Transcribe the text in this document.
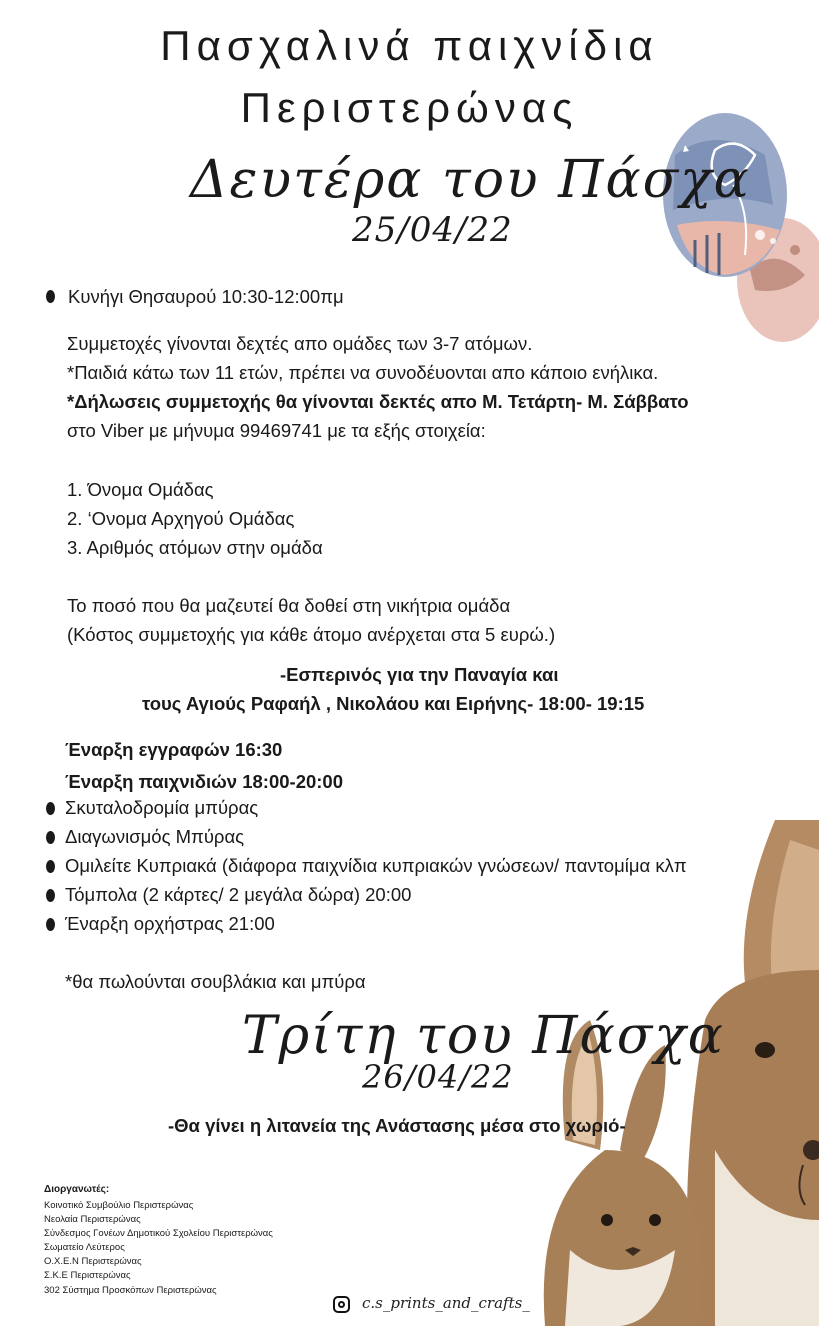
Πασχαλινά παιχνίδια
Περιστερώνας
Δευτέρα του Πάσχα
25/04/22
Κυνήγι Θησαυρού 10:30-12:00πμ
Συμμετοχές γίνονται δεχτές απο ομάδες των 3-7 ατόμων.
*Παιδιά κάτω των 11 ετών, πρέπει να συνοδέυονται απο κάποιο ενήλικα.
*Δήλωσεις συμμετοχής θα γίνονται δεκτές απο Μ. Τετάρτη- Μ. Σάββατο
στο Viber με μήνυμα 99469741 με τα εξής στοιχεία:
1. Όνομα Ομάδας
2. ‘Ονομα Αρχηγού Ομάδας
3. Αριθμός ατόμων στην ομάδα
Το ποσό που θα μαζευτεί θα δοθεί στη νικήτρια ομάδα
(Κόστος συμμετοχής για κάθε άτομο ανέρχεται στα 5 ευρώ.)
-Εσπερινός για την Παναγία και
τους Αγιούς Ραφαήλ , Νικολάου και Ειρήνης- 18:00- 19:15
Έναρξη εγγραφών 16:30
Έναρξη παιχνιδιών 18:00-20:00
Σκυταλοδρομία μπύρας
Διαγωνισμός Μπύρας
Ομιλείτε Κυπριακά (διάφορα παιχνίδια κυπριακών γνώσεων/ παντομίμα κλπ
Τόμπολα (2 κάρτες/ 2 μεγάλα δώρα) 20:00
Έναρξη ορχήστρας 21:00
*θα πωλούνται σουβλάκια και μπύρα
Τρίτη του Πάσχα
26/04/22
-Θα γίνει η λιτανεία της Ανάστασης μέσα στο χωριό-
Διοργανωτές:
Κοινοτικό Συμβούλιο Περιστερώνας
Νεολαία Περιστερώνας
Σύνδεσμος Γονέων Δημοτικού Σχολείου Περιστερώνας
Σωματείο Λεύτερος
Ο.Χ.Ε.Ν Περιστερώνας
Σ.Κ.Ε Περιστερώνας
302 Σύστημα Προσκόπων Περιστερώνας
c.s_prints_and_crafts_
